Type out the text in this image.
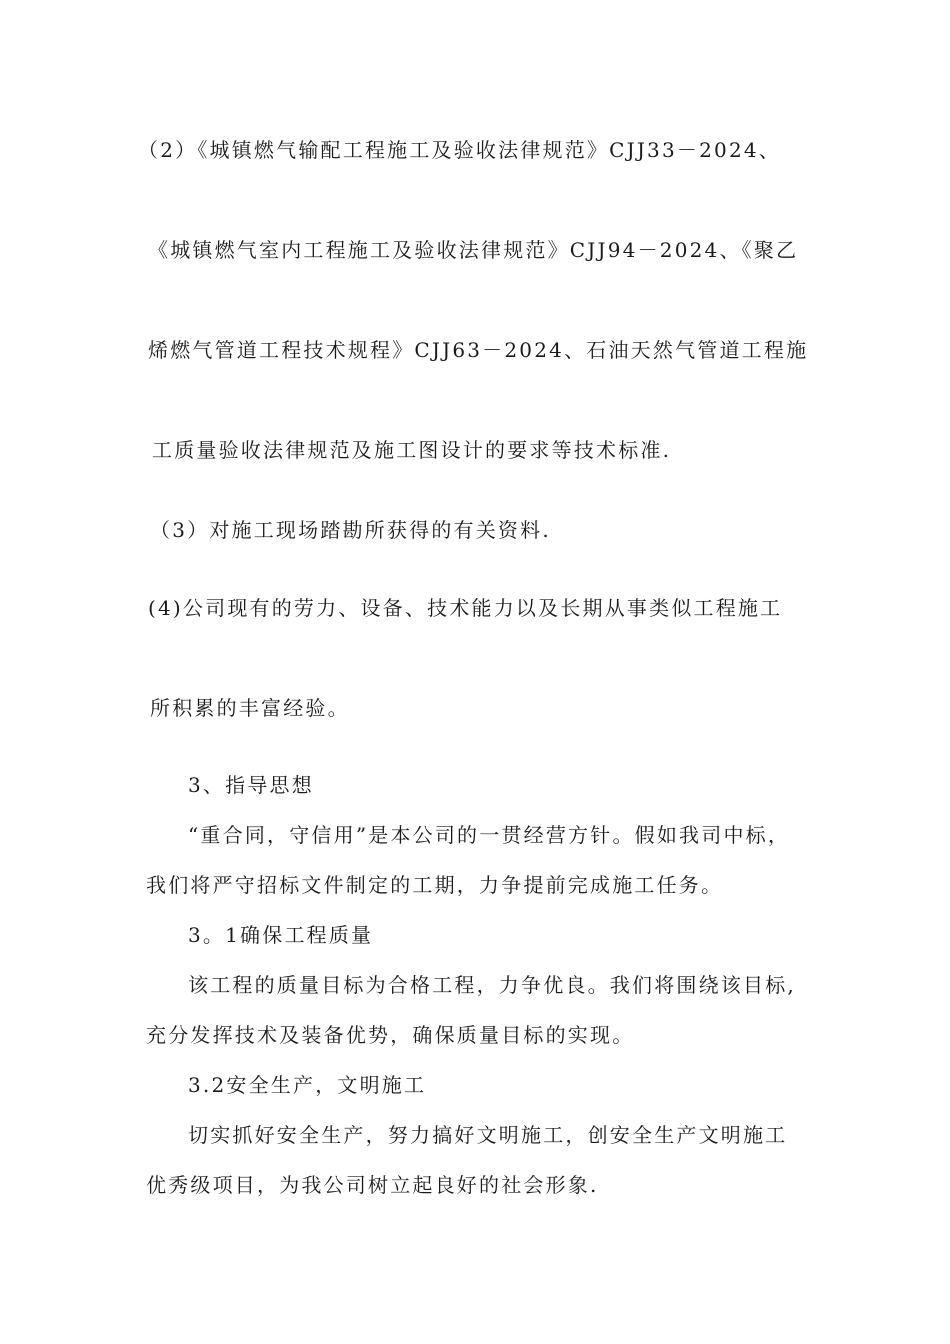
（2）《城镇燃气输配工程施工及验收法律规范》CJJ33－2024、
《城镇燃气室内工程施工及验收法律规范》CJJ94－2024、《聚乙
烯燃气管道工程技术规程》CJJ63－2024、石油天然气管道工程施
工质量验收法律规范及施工图设计的要求等技术标准.
（3）对施工现场踏勘所获得的有关资料.
(4)公司现有的劳力、设备、技术能力以及长期从事类似工程施工
所积累的丰富经验。
3、指导思想
“重合同，守信用”是本公司的一贯经营方针。假如我司中标，
我们将严守招标文件制定的工期，力争提前完成施工任务。
3。1确保工程质量
该工程的质量目标为合格工程，力争优良。我们将围绕该目标,
充分发挥技术及装备优势，确保质量目标的实现。
3.2安全生产，文明施工
切实抓好安全生产，努力搞好文明施工，创安全生产文明施工
优秀级项目，为我公司树立起良好的社会形象.
